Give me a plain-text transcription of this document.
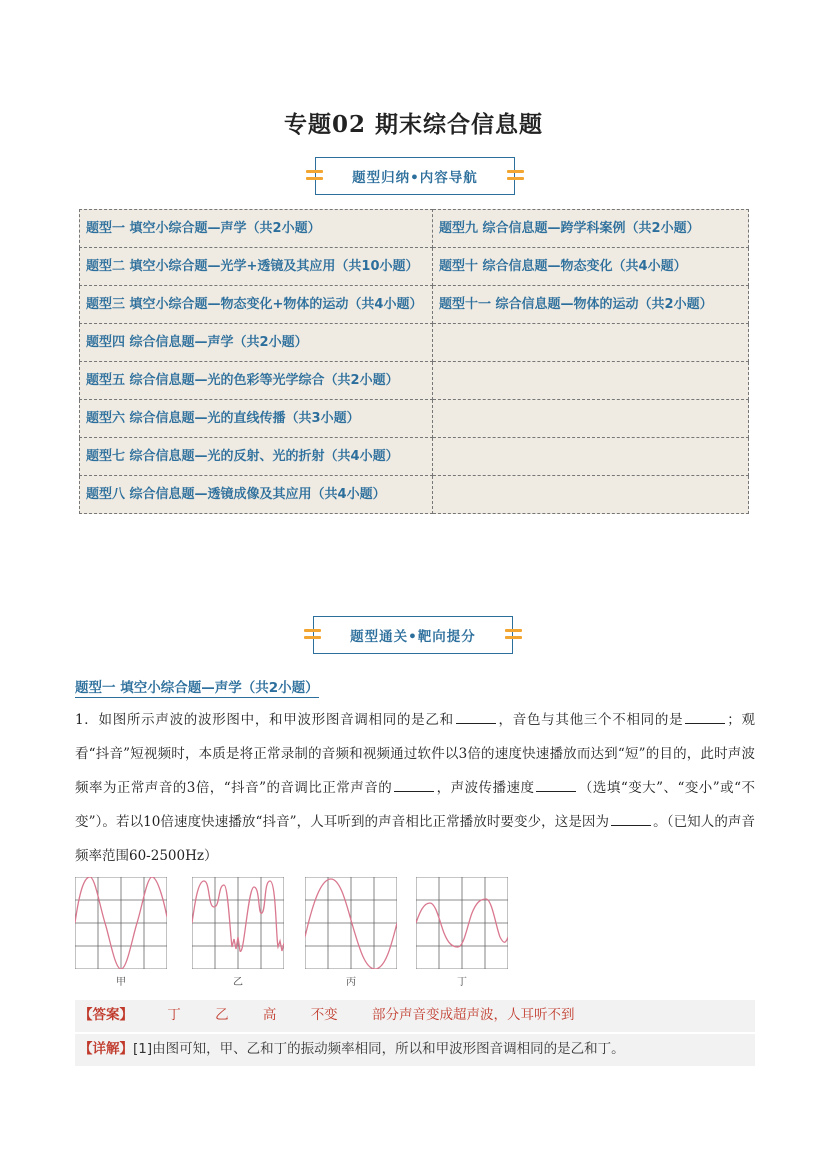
专题02 期末综合信息题
题型归纳•内容导航
题型一 填空小综合题—声学（共2小题）	题型九 综合信息题—跨学科案例（共2小题）
题型二 填空小综合题—光学+透镜及其应用（共10小题）	题型十 综合信息题—物态变化（共4小题）
题型三 填空小综合题—物态变化+物体的运动（共4小题）	题型十一 综合信息题—物体的运动（共2小题）
题型四 综合信息题—声学（共2小题）	
题型五 综合信息题—光的色彩等光学综合（共2小题）	
题型六 综合信息题—光的直线传播（共3小题）	
题型七 综合信息题—光的反射、光的折射（共4小题）	
题型八 综合信息题—透镜成像及其应用（共4小题）	
题型通关•靶向提分
题型一 填空小综合题—声学（共2小题）
1．如图所示声波的波形图中，和甲波形图音调相同的是乙和	，音色与其他三个不相同的是	；观看“抖音”短视频时，本质是将正常录制的音频和视频通过软件以3倍的速度快速播放而达到“短”的目的，此时声波频率为正常声音的3倍，“抖音”的音调比正常声音的	，声波传播速度	（选填“变大”、“变小”或“不变”）。若以10倍速度快速播放“抖音”，人耳听到的声音相比正常播放时要变少，这是因为	。（已知人的声音频率范围60-2500Hz）
甲	乙	丙	丁
【答案】	丁	乙	高	不变	部分声音变成超声波，人耳听不到
【详解】[1]由图可知，甲、乙和丁的振动频率相同，所以和甲波形图音调相同的是乙和丁。
